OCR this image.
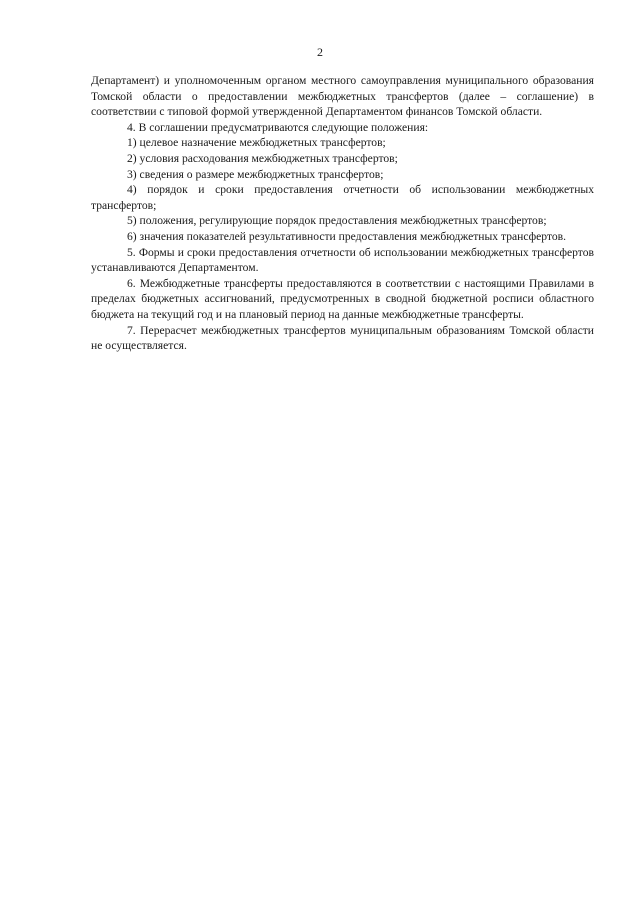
2

Департамент) и уполномоченным органом местного самоуправления муниципального образования Томской области о предоставлении межбюджетных трансфертов (далее – соглашение) в соответствии с типовой формой утвержденной Департаментом финансов Томской области.

4. В соглашении предусматриваются следующие положения:

1) целевое назначение межбюджетных трансфертов;

2) условия расходования межбюджетных трансфертов;

3) сведения о размере межбюджетных трансфертов;

4) порядок и сроки предоставления отчетности об использовании межбюджетных трансфертов;

5) положения, регулирующие порядок предоставления межбюджетных трансфертов;

6) значения показателей результативности предоставления межбюджетных трансфертов.

5. Формы и сроки предоставления отчетности об использовании межбюджетных трансфертов устанавливаются Департаментом.

6. Межбюджетные трансферты предоставляются в соответствии с настоящими Правилами в пределах бюджетных ассигнований, предусмотренных в сводной бюджетной росписи областного бюджета на текущий год и на плановый период на данные межбюджетные трансферты.

7. Перерасчет межбюджетных трансфертов муниципальным образованиям Томской области не осуществляется.
